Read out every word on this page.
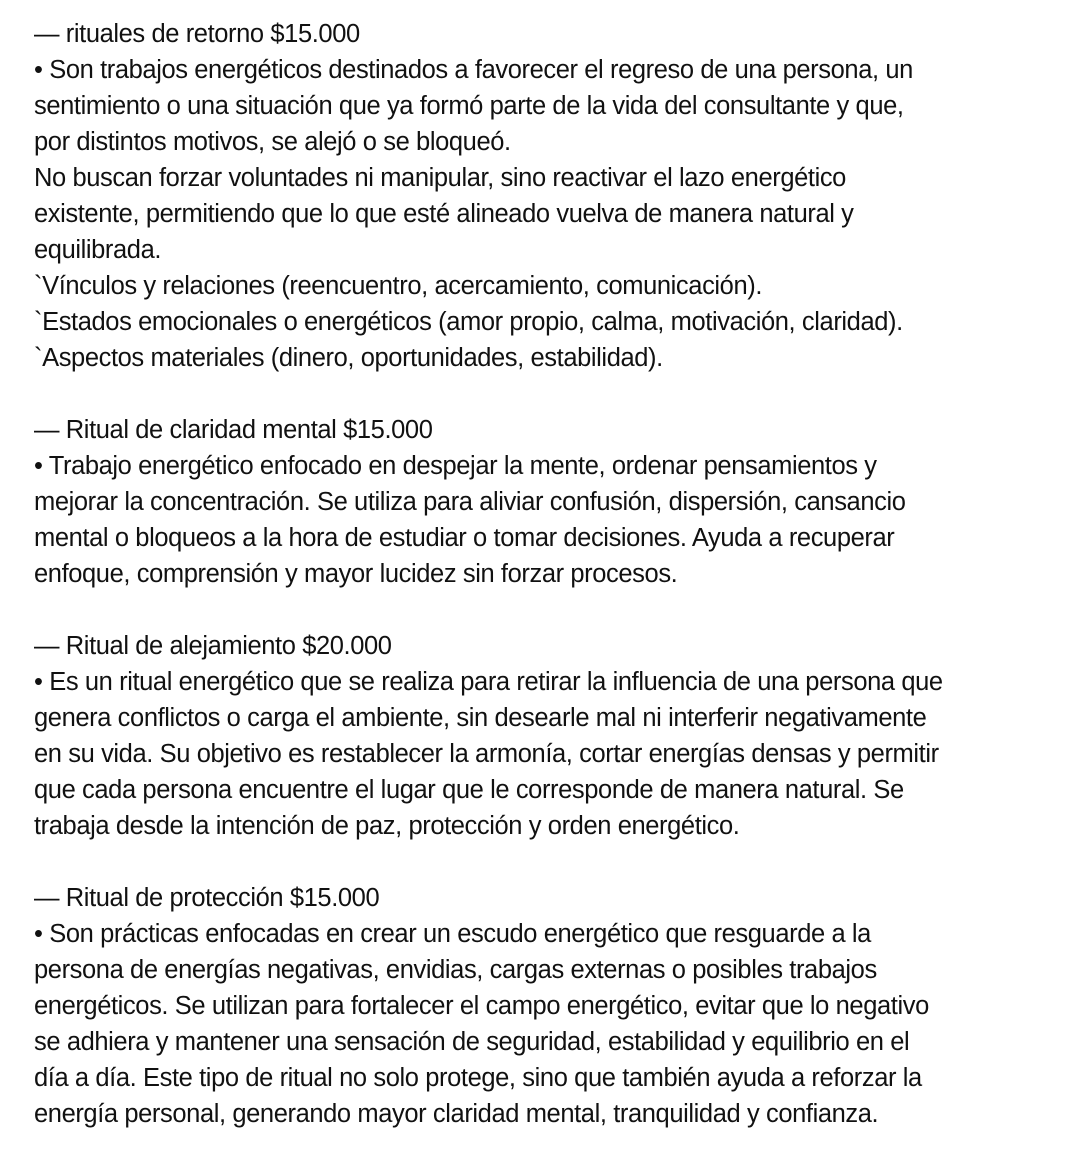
— rituales de retorno $15.000
• Son trabajos energéticos destinados a favorecer el regreso de una persona, un
sentimiento o una situación que ya formó parte de la vida del consultante y que,
por distintos motivos, se alejó o se bloqueó.
No buscan forzar voluntades ni manipular, sino reactivar el lazo energético
existente, permitiendo que lo que esté alineado vuelva de manera natural y
equilibrada.
`Vínculos y relaciones (reencuentro, acercamiento, comunicación).
`Estados emocionales o energéticos (amor propio, calma, motivación, claridad).
`Aspectos materiales (dinero, oportunidades, estabilidad).
— Ritual de claridad mental $15.000
• Trabajo energético enfocado en despejar la mente, ordenar pensamientos y
mejorar la concentración. Se utiliza para aliviar confusión, dispersión, cansancio
mental o bloqueos a la hora de estudiar o tomar decisiones. Ayuda a recuperar
enfoque, comprensión y mayor lucidez sin forzar procesos.
— Ritual de alejamiento $20.000
• Es un ritual energético que se realiza para retirar la influencia de una persona que
genera conflictos o carga el ambiente, sin desearle mal ni interferir negativamente
en su vida. Su objetivo es restablecer la armonía, cortar energías densas y permitir
que cada persona encuentre el lugar que le corresponde de manera natural. Se
trabaja desde la intención de paz, protección y orden energético.
— Ritual de protección $15.000
• Son prácticas enfocadas en crear un escudo energético que resguarde a la
persona de energías negativas, envidias, cargas externas o posibles trabajos
energéticos. Se utilizan para fortalecer el campo energético, evitar que lo negativo
se adhiera y mantener una sensación de seguridad, estabilidad y equilibrio en el
día a día. Este tipo de ritual no solo protege, sino que también ayuda a reforzar la
energía personal, generando mayor claridad mental, tranquilidad y confianza.
